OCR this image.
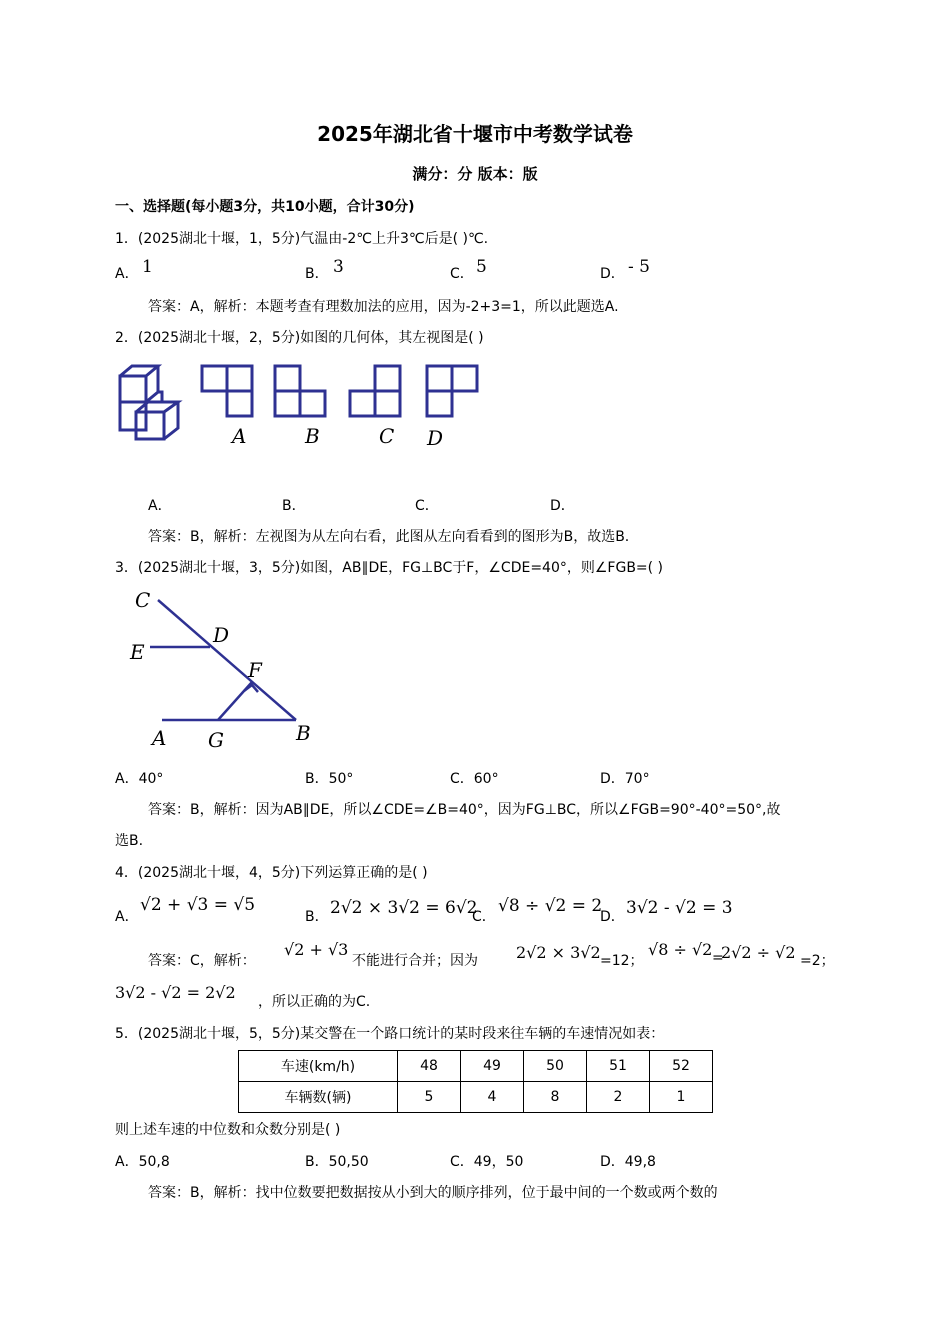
2025年湖北省十堰市中考数学试卷
满分：分 版本：版
一、选择题(每小题3分，共10小题，合计30分)
1．(2025湖北十堰，1，5分)气温由-2℃上升3℃后是( )℃.
A． 1	B． 3	C． 5	D． - 5
答案：A，解析：本题考查有理数加法的应用，因为-2+3=1，所以此题选A.
2．(2025湖北十堰，2，5分)如图的几何体，其左视图是( )
A	B	C D
A．	B．	C．	D．
答案：B，解析：左视图为从左向右看，此图从左向看看到的图形为B，故选B.
3．(2025湖北十堰，3，5分)如图，AB∥DE，FG⊥BC于F，∠CDE=40°，则∠FGB=( )
C
D
E
F
A G	B
A．40°	B．50°	C．60°	D．70°
答案：B，解析：因为AB∥DE，所以∠CDE=∠B=40°，因为FG⊥BC，所以∠FGB=90°-40°=50°,故
选B.
4．(2025湖北十堰，4，5分)下列运算正确的是( )
A．
√2 + √3 = √5
B． 2√2 × 3√2 = 6√2
C．
√8 ÷ √2 = 2
D． 3√2 - √2 = 3
答案：C，解析：
√2 + √3
不能进行合并；因为 2√2 × 3√2 =12；
√8 ÷ √2 =
2√2 ÷ √2 =2；
3√2 - √2 = 2√2 ，所以正确的为C.
5．(2025湖北十堰，5，5分)某交警在一个路口统计的某时段来往车辆的车速情况如表：
车速(km/h)	48	49	50	51	52
车辆数(辆)	5	4	8	2	1
则上述车速的中位数和众数分别是( )
A．50,8	B．50,50	C．49，50	D．49,8
答案：B，解析：找中位数要把数据按从小到大的顺序排列，位于最中间的一个数或两个数的
